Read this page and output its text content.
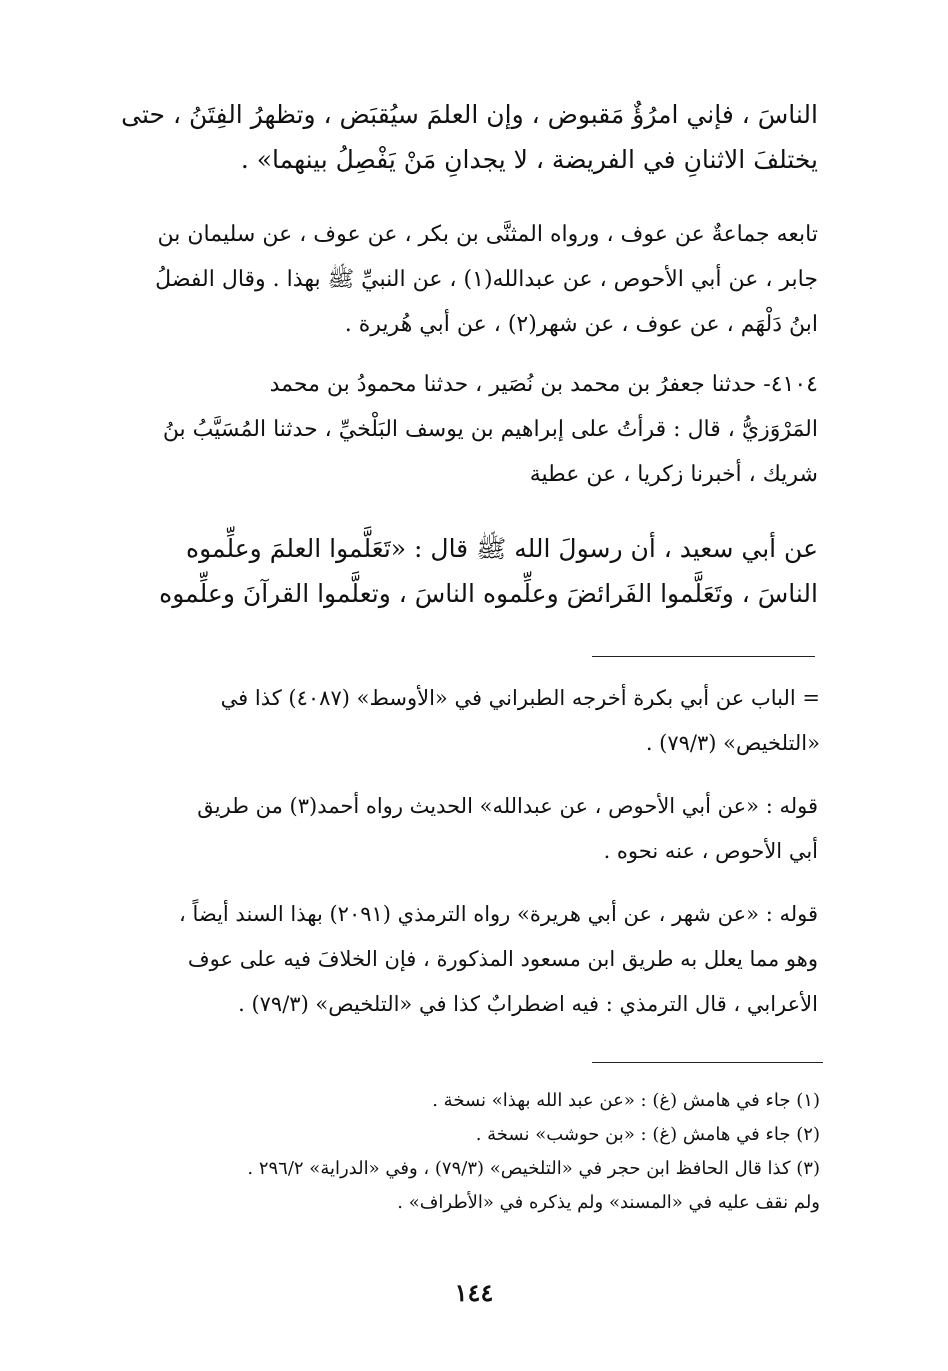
الناسَ ، فإني امرُؤٌ مَقبوض ، وإن العلمَ سيُقبَض ، وتظهرُ الفِتَنُ ، حتى
يختلفَ الاثنانِ في الفريضة ، لا يجدانِ مَنْ يَفْصِلُ بينهما» .
تابعه جماعةٌ عن عوف ، ورواه المثنَّى بن بكر ، عن عوف ، عن سليمان بن
جابر ، عن أبي الأحوص ، عن عبدالله(١) ، عن النبيِّ ﷺ بهذا . وقال الفضلُ
ابنُ دَلْهَم ، عن عوف ، عن شهر(٢) ، عن أبي هُريرة .
٤١٠٤- حدثنا جعفرُ بن محمد بن نُصَير ، حدثنا محمودُ بن محمد
المَرْوَزيُّ ، قال : قرأتُ على إبراهيم بن يوسف البَلْخيِّ ، حدثنا المُسَيَّبُ بنُ
شريك ، أخبرنا زكريا ، عن عطية
عن أبي سعيد ، أن رسولَ الله ﷺ قال : «تَعَلَّموا العلمَ وعلِّموه
الناسَ ، وتَعَلَّموا الفَرائضَ وعلِّموه الناسَ ، وتعلَّموا القرآنَ وعلِّموه
= الباب عن أبي بكرة أخرجه الطبراني في «الأوسط» (٤٠٨٧) كذا في
«التلخيص» (٧٩/٣) .
قوله : «عن أبي الأحوص ، عن عبدالله» الحديث رواه أحمد(٣) من طريق
أبي الأحوص ، عنه نحوه .
قوله : «عن شهر ، عن أبي هريرة» رواه الترمذي (٢٠٩١) بهذا السند أيضاً ،
وهو مما يعلل به طريق ابن مسعود المذكورة ، فإن الخلافَ فيه على عوف
الأعرابي ، قال الترمذي : فيه اضطرابٌ كذا في «التلخيص» (٧٩/٣) .
(١) جاء في هامش (غ) : «عن عبد الله بهذا» نسخة .
(٢) جاء في هامش (غ) : «بن حوشب» نسخة .
(٣) كذا قال الحافظ ابن حجر في «التلخيص» (٧٩/٣) ، وفي «الدراية» ٢٩٦/٢ .
ولم نقف عليه في «المسند» ولم يذكره في «الأطراف» .
١٤٤
